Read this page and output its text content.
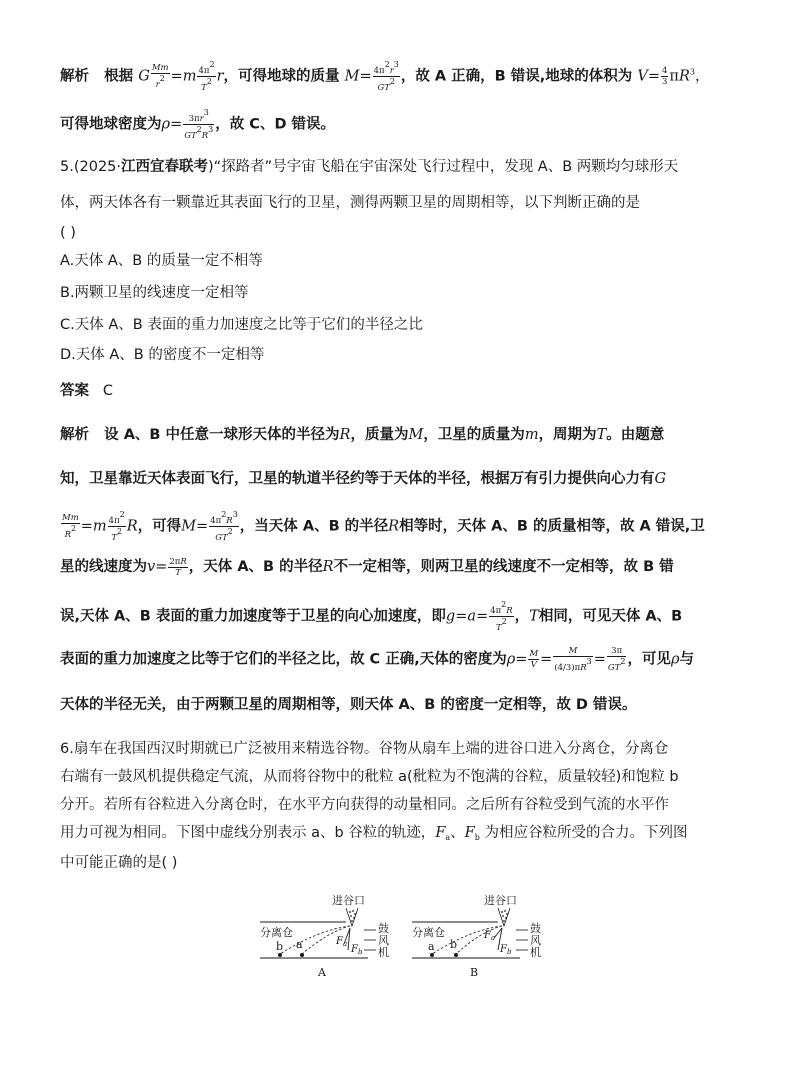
解析 根据 G $\frac{Mm}{r^2} =m \frac{4\pi^2}{T^2}$ r，可得地球的质量 $M= \frac{4\pi^2r^3}{GT^2}$ ，故 A 正确，B 错误,地球的体积为 $V= \frac{4}{3} \pi R^3$，
可得地球密度为$\rho= \frac{3\pi r^3}{GT^2R^3}$ ，故 C、D 错误。
5.(2025·江西宜春联考)“探路者”号宇宙飞船在宇宙深处飞行过程中，发现 A、B 两颗均匀球形天
体，两天体各有一颗靠近其表面飞行的卫星，测得两颗卫星的周期相等，以下判断正确的是
( )
A.天体 A、B 的质量一定不相等
B.两颗卫星的线速度一定相等
C.天体 A、B 表面的重力加速度之比等于它们的半径之比
D.天体 A、B 的密度不一定相等
答案 C
解析 设 A、B 中任意一球形天体的半径为R，质量为M，卫星的质量为m，周期为T。由题意
知，卫星靠近天体表面飞行，卫星的轨道半径约等于天体的半径，根据万有引力提供向心力有G
$\frac{Mm}{R^2} =m \frac{4\pi^2}{T^2}$ R，可得$M= \frac{4\pi^2R^3}{GT^2}$ ，当天体 A、B 的半径R相等时，天体 A、B 的质量相等，故 A 错误,卫
星的线速度为$v= \frac{2\pi R}{T}$ ，天体 A、B 的半径R不一定相等，则两卫星的线速度不一定相等，故 B 错
误,天体 A、B 表面的重力加速度等于卫星的向心加速度，即$g=a= \frac{4\pi^2R}{T^2}$ ，T相同，可见天体 A、B
表面的重力加速度之比等于它们的半径之比，故 C 正确,天体的密度为$\rho= \frac{M}{V} = \frac{M}{(4/3)\pi R^3} = \frac{3\pi}{GT^2}$ ，可见ρ与
天体的半径无关，由于两颗卫星的周期相等，则天体 A、B 的密度一定相等，故 D 错误。
6.扇车在我国西汉时期就已广泛被用来精选谷物。谷物从扇车上端的进谷口进入分离仓，分离仓
右端有一鼓风机提供稳定气流，从而将谷物中的秕粒 a(秕粒为不饱满的谷粒，质量较轻)和饱粒 b
分开。若所有谷粒进入分离仓时，在水平方向获得的动量相同。之后所有谷粒受到气流的水平作
用力可视为相同。下图中虚线分别表示 a、b 谷粒的轨迹，$F_a$、$F_b$ 为相应谷粒所受的合力。下列图
中可能正确的是( )
进谷口
分离仓
b a	$F_a$ $F_b$
鼓
风
机
A
进谷口
分离仓
a b
$F_a$
$F_b$
鼓
风
机
B
